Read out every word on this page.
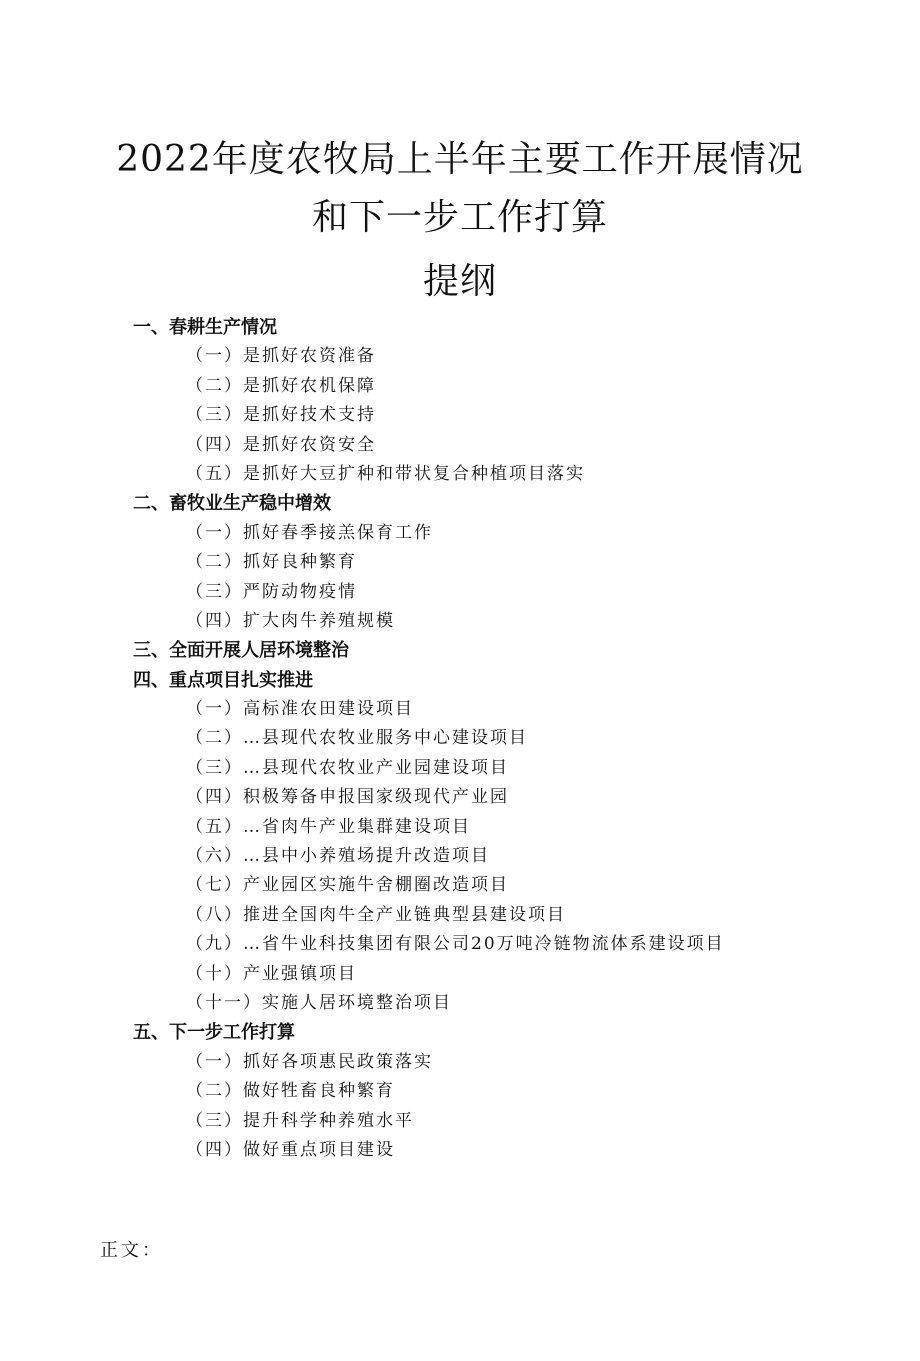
2022年度农牧局上半年主要工作开展情况
和下一步工作打算
提纲
一、春耕生产情况
（一）是抓好农资准备
（二）是抓好农机保障
（三）是抓好技术支持
（四）是抓好农资安全
（五）是抓好大豆扩种和带状复合种植项目落实
二、畜牧业生产稳中增效
（一）抓好春季接羔保育工作
（二）抓好良种繁育
（三）严防动物疫情
（四）扩大肉牛养殖规模
三、全面开展人居环境整治
四、重点项目扎实推进
（一）高标准农田建设项目
（二）…县现代农牧业服务中心建设项目
（三）…县现代农牧业产业园建设项目
（四）积极筹备申报国家级现代产业园
（五）…省肉牛产业集群建设项目
（六）…县中小养殖场提升改造项目
（七）产业园区实施牛舍棚圈改造项目
（八）推进全国肉牛全产业链典型县建设项目
（九）…省牛业科技集团有限公司20万吨冷链物流体系建设项目
（十）产业强镇项目
（十一）实施人居环境整治项目
五、下一步工作打算
（一）抓好各项惠民政策落实
（二）做好牲畜良种繁育
（三）提升科学种养殖水平
（四）做好重点项目建设
正文：
